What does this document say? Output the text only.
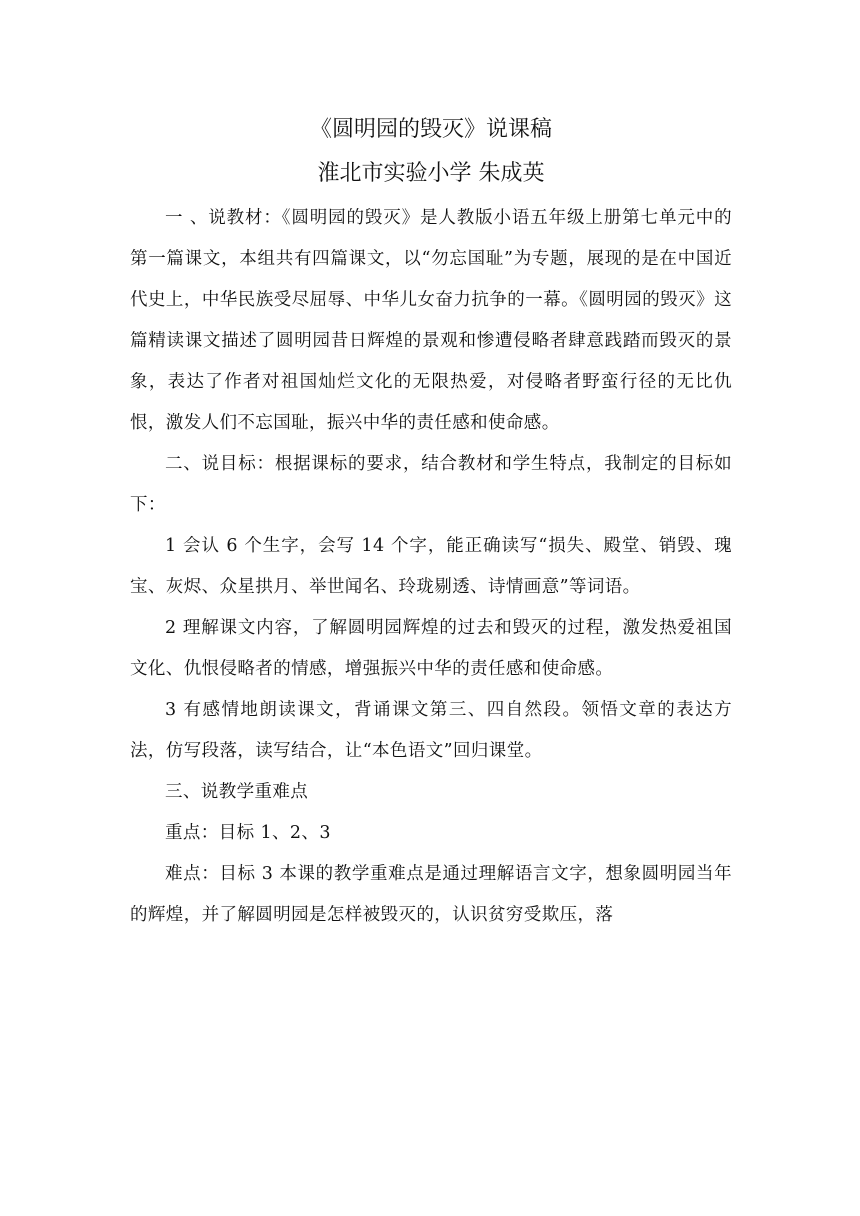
《圆明园的毁灭》说课稿
淮北市实验小学 朱成英

一 、说教材：《圆明园的毁灭》是人教版小语五年级上册第七单元中的第一篇课文，本组共有四篇课文，以“勿忘国耻”为专题，展现的是在中国近代史上，中华民族受尽屈辱、中华儿女奋力抗争的一幕。《圆明园的毁灭》这篇精读课文描述了圆明园昔日辉煌的景观和惨遭侵略者肆意践踏而毁灭的景象，表达了作者对祖国灿烂文化的无限热爱，对侵略者野蛮行径的无比仇恨，激发人们不忘国耻，振兴中华的责任感和使命感。

二、说目标：根据课标的要求，结合教材和学生特点，我制定的目标如下：

1 会认 6 个生字，会写 14 个字，能正确读写“损失、殿堂、销毁、瑰宝、灰烬、众星拱月、举世闻名、玲珑剔透、诗情画意”等词语。

2 理解课文内容，了解圆明园辉煌的过去和毁灭的过程，激发热爱祖国文化、仇恨侵略者的情感，增强振兴中华的责任感和使命感。

3 有感情地朗读课文，背诵课文第三、四自然段。领悟文章的表达方法，仿写段落，读写结合，让“本色语文”回归课堂。

三、说教学重难点

重点：目标 1、2、3

难点：目标 3 本课的教学重难点是通过理解语言文字，想象圆明园当年的辉煌，并了解圆明园是怎样被毁灭的，认识贫穷受欺压，落
